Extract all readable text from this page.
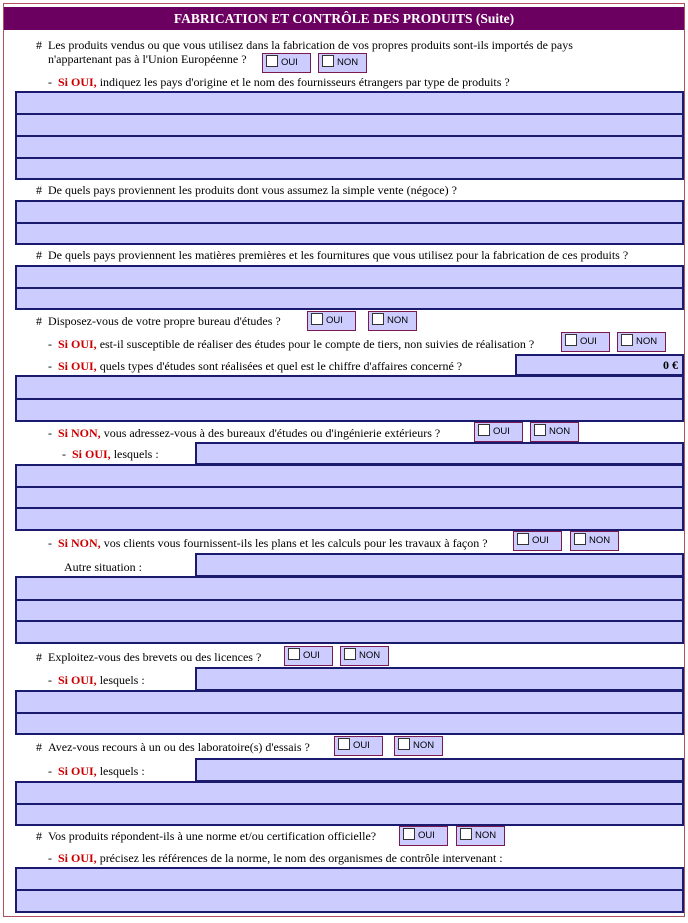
FABRICATION ET CONTRÔLE DES PRODUITS (Suite)
# Les produits vendus ou que vous utilisez dans la fabrication de vos propres produits sont-ils importés de pays
n'appartenant pas à l'Union Européenne ?	OUI	NON
- Si OUI, indiquez les pays d'origine et le nom des fournisseurs étrangers par type de produits ?
# De quels pays proviennent les produits dont vous assumez la simple vente (négoce) ?
# De quels pays proviennent les matières premières et les fournitures que vous utilisez pour la fabrication de ces produits ?
# Disposez-vous de votre propre bureau d'études ?	OUI	NON
- Si OUI, est-il susceptible de réaliser des études pour le compte de tiers, non suivies de réalisation ?	OUI	NON
- Si OUI, quels types d'études sont réalisées et quel est le chiffre d'affaires concerné ?	0 €
- Si NON, vous adressez-vous à des bureaux d'études ou d'ingénierie extérieurs ?	OUI	NON
- Si OUI, lesquels :
- Si NON, vos clients vous fournissent-ils les plans et les calculs pour les travaux à façon ?	OUI	NON
Autre situation :
# Exploitez-vous des brevets ou des licences ?	OUI	NON
- Si OUI, lesquels :
# Avez-vous recours à un ou des laboratoire(s) d'essais ?	OUI	NON
- Si OUI, lesquels :
# Vos produits répondent-ils à une norme et/ou certification officielle?	OUI	NON
- Si OUI, précisez les références de la norme, le nom des organismes de contrôle intervenant :
